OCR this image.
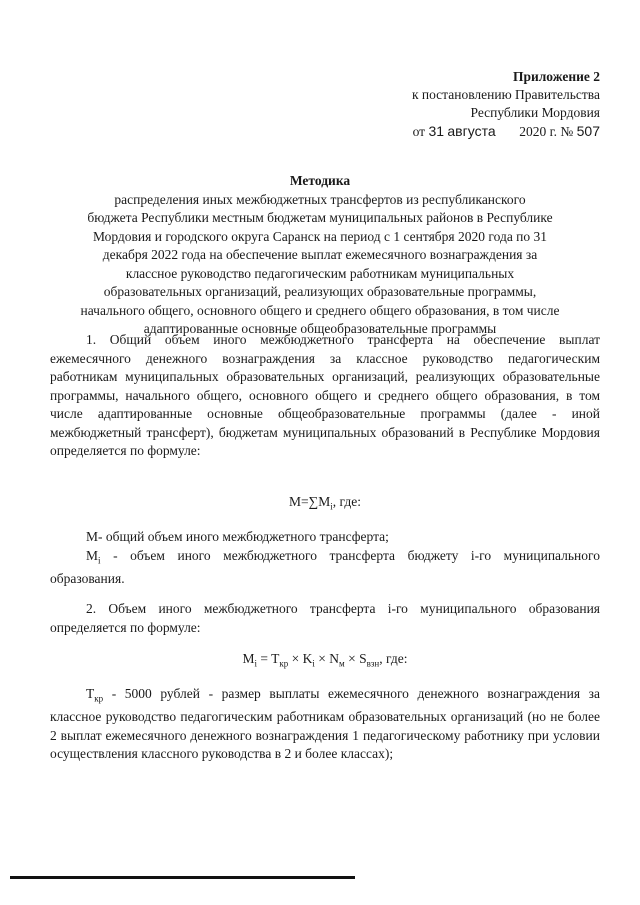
Приложение 2
к постановлению Правительства
Республики Мордовия
от 31 августа 2020 г. № 507
Методика
распределения иных межбюджетных трансфертов из республиканского
бюджета Республики местным бюджетам муниципальных районов в Республике
Мордовия и городского округа Саранск на период с 1 сентября 2020 года по 31
декабря 2022 года на обеспечение выплат ежемесячного вознаграждения за
классное руководство педагогическим работникам муниципальных
образовательных организаций, реализующих образовательные программы,
начального общего, основного общего и среднего общего образования, в том числе
адаптированные основные общеобразовательные программы

1. Общий объем иного межбюджетного трансферта на обеспечение выплат ежемесячного денежного вознаграждения за классное руководство педагогическим работникам муниципальных образовательных организаций, реализующих образовательные программы, начального общего, основного общего и среднего общего образования, в том числе адаптированные основные общеобразовательные программы (далее - иной межбюджетный трансферт), бюджетам муниципальных образований в Республике Мордовия определяется по формуле:

$M=\sum M_i$, где:

М- общий объем иного межбюджетного трансферта;

$M_i$ - объем иного межбюджетного трансферта бюджету i-го муниципального образования.

2. Объем иного межбюджетного трансферта i-го муниципального образования определяется по формуле:

$M_i = T_{кр} \times K_i \times N_м \times S_{взн}$, где:

$T_{кр} - 5000$ рублей - размер выплаты ежемесячного денежного вознаграждения за классное руководство педагогическим работникам образовательных организаций (но не более 2 выплат ежемесячного денежного вознаграждения 1 педагогическому работнику при условии осуществления классного руководства в 2 и более классах);
